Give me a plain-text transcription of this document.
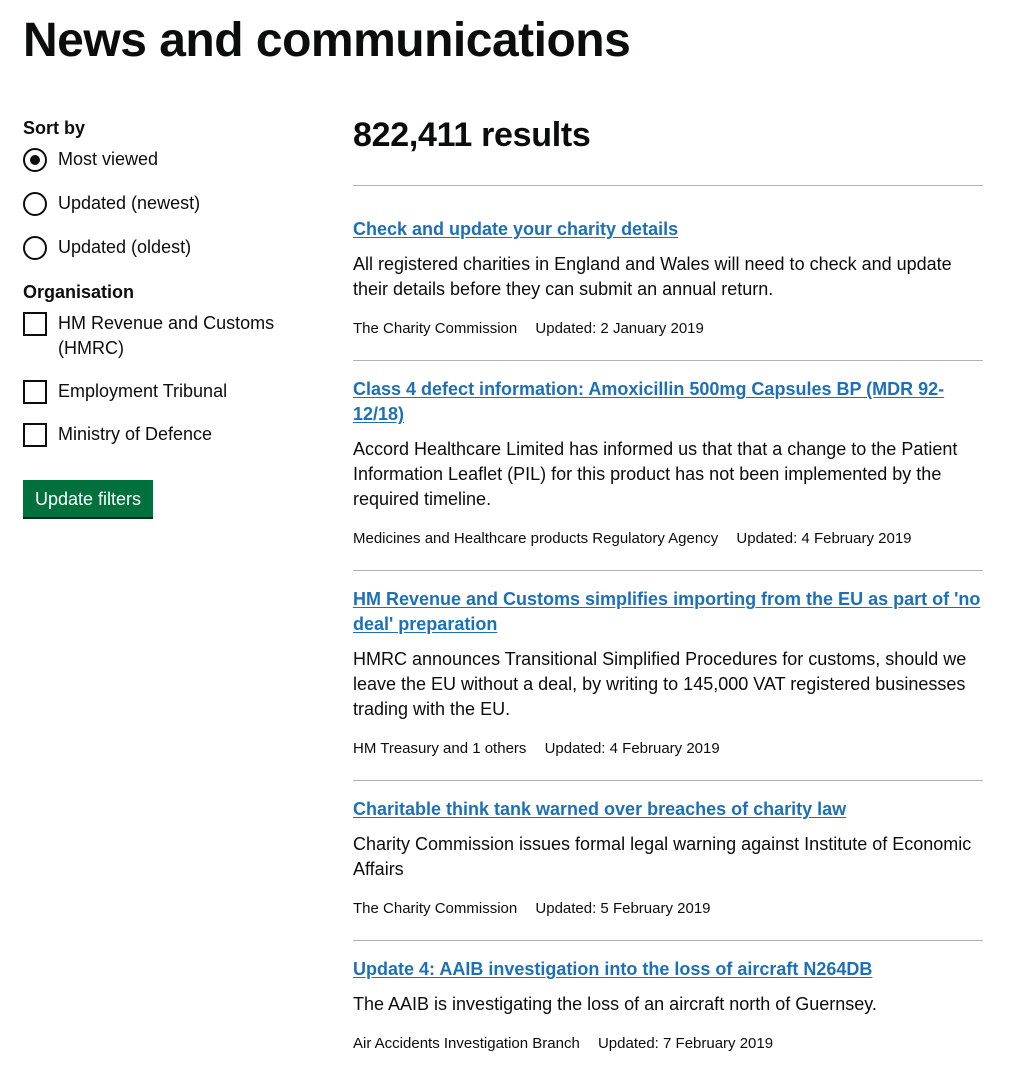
News and communications

Sort by

Most viewed
Updated (newest)
Updated (oldest)

Organisation

HM Revenue and Customs (HMRC)
Employment Tribunal
Ministry of Defence
Update filters
822,411 results
Check and update your charity details

All registered charities in England and Wales will need to check and update their details before they can submit an annual return.

The Charity Commission Updated: 2 January 2019

Class 4 defect information: Amoxicillin 500mg Capsules BP (MDR 92-12/18)

Accord Healthcare Limited has informed us that that a change to the Patient Information Leaflet (PIL) for this product has not been implemented by the required timeline.

Medicines and Healthcare products Regulatory Agency Updated: 4 February 2019

HM Revenue and Customs simplifies importing from the EU as part of 'no deal' preparation

HMRC announces Transitional Simplified Procedures for customs, should we leave the EU without a deal, by writing to 145,000 VAT registered businesses trading with the EU.

HM Treasury and 1 others Updated: 4 February 2019

Charitable think tank warned over breaches of charity law

Charity Commission issues formal legal warning against Institute of Economic Affairs

The Charity Commission Updated: 5 February 2019

Update 4: AAIB investigation into the loss of aircraft N264DB

The AAIB is investigating the loss of an aircraft north of Guernsey.

Air Accidents Investigation Branch Updated: 7 February 2019
